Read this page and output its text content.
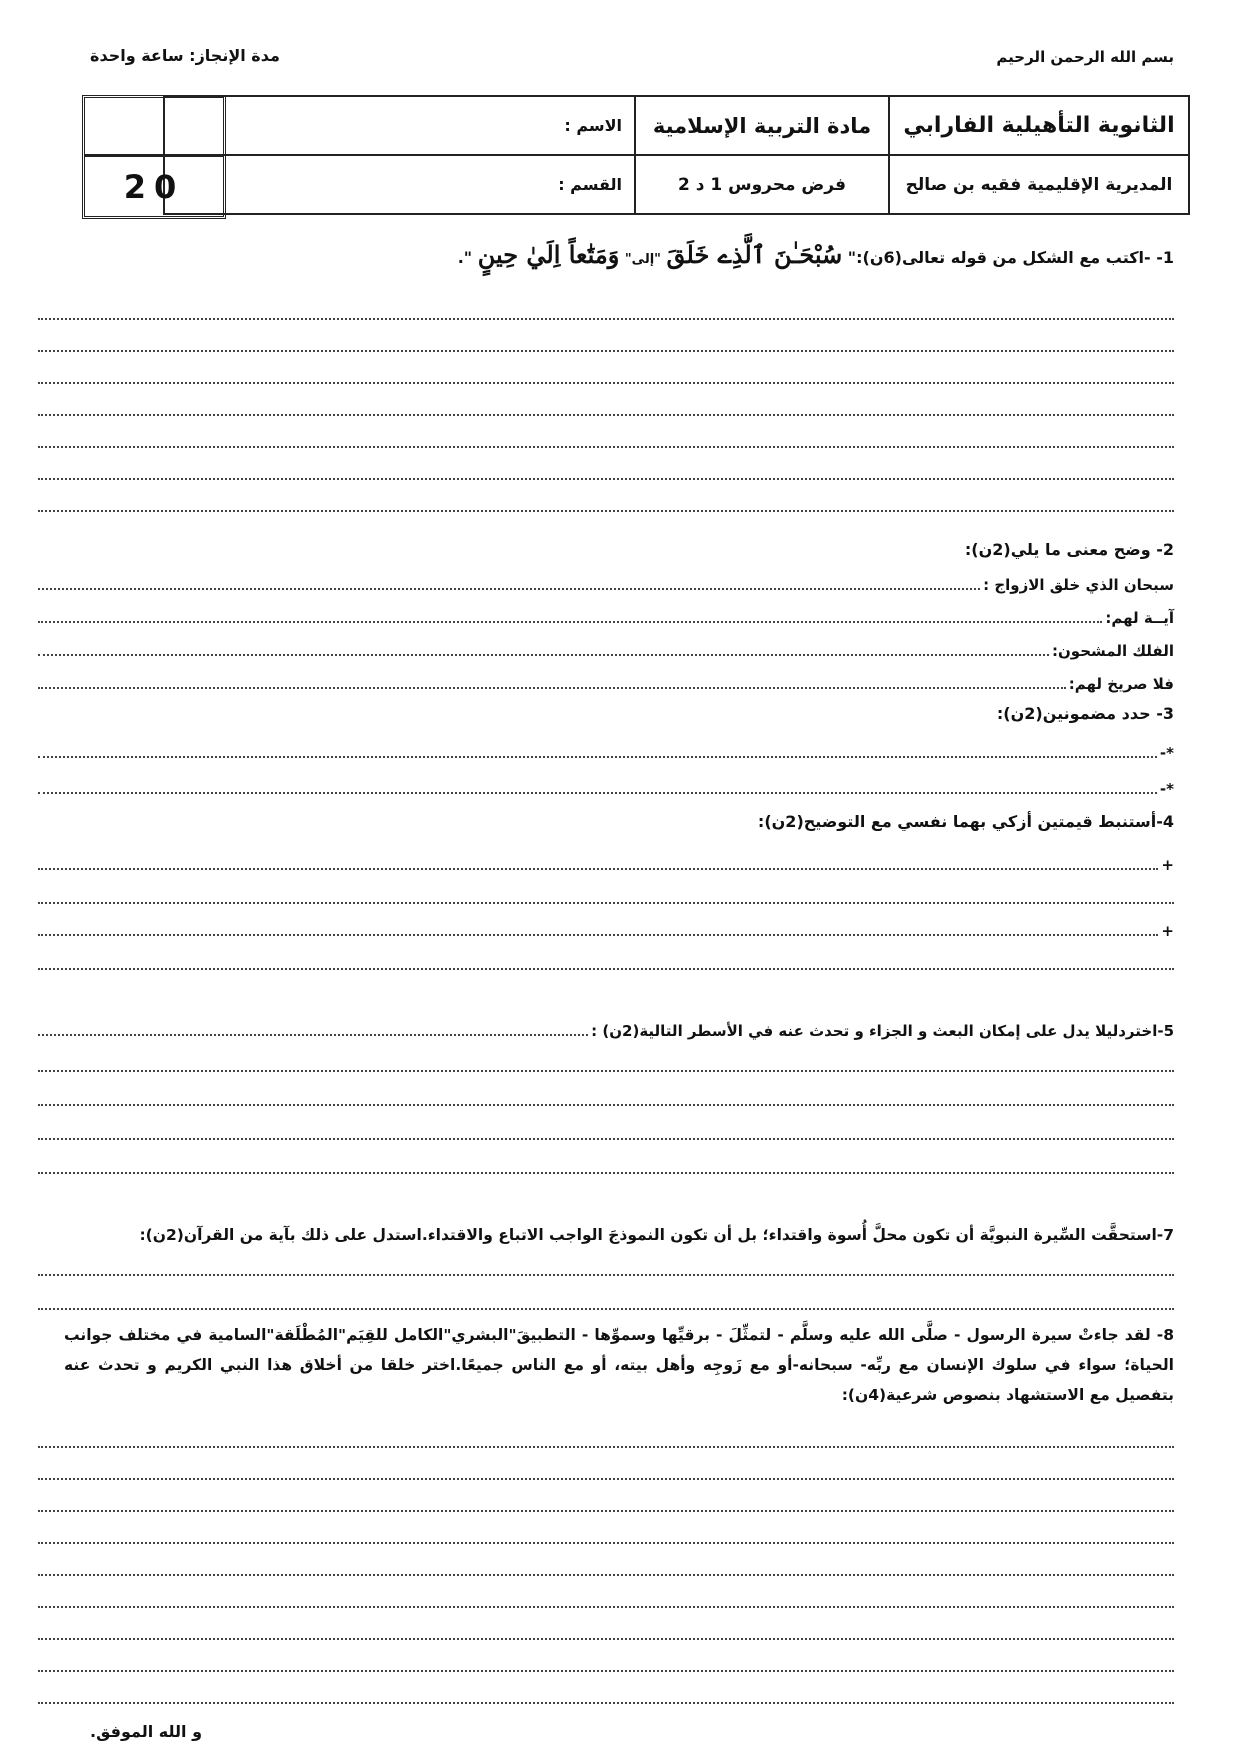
بسم الله الرحمن الرحيم
مدة الإنجاز: ساعة واحدة
الثانوية التأهيلية الفارابي	مادة التربية الإسلامية	الاسم :
المديرية الإقليمية فقيه بن صالح	فرض محروس 1 د 2	القسم :
20
1- -اكتب مع الشكل من قوله تعالى(6ن):" سُبْحَـٰنَ ٱلَّذِے خَلَقَ "إلى" وَمَتَٰعاً اِلَيٰ حِينٍ ".
2- وضح معنى ما يلي(2ن):
سبحان الذي خلق الازواج :
آيــة لهم:
الفلك المشحون:
فلا صريخ لهم:
3- حدد مضمونين(2ن):
*-
*-
4-أستنبط قيمتين أزكي بهما نفسي مع التوضيح(2ن):
+
+
5-اختردليلا يدل على إمكان البعث و الجزاء و تحدث عنه في الأسطر التالية(2ن) :
7-استحقَّت السِّيرة النبويَّة أن تكون محلَّ أُسوة واقتداء؛ بل أن تكون النموذجَ الواجب الاتباع والاقتداء.استدل على ذلك بآية من القرآن(2ن):
8- لقد جاءتْ سيرة الرسول - صلَّى الله عليه وسلَّم - لتمثِّلَ - برقيِّها وسموِّها - التطبيقَ"البشري"الكامل للقِيَم"المُطْلَقة"السامية في مختلف جوانب الحياة؛ سواء في سلوك الإنسان مع ربِّه- سبحانه-أو مع زَوجِه وأهل بيته، أو مع الناس جميعًا.اختر خلقا من أخلاق هذا النبي الكريم و تحدث عنه بتفصيل مع الاستشهاد بنصوص شرعية(4ن):
و الله الموفق.
